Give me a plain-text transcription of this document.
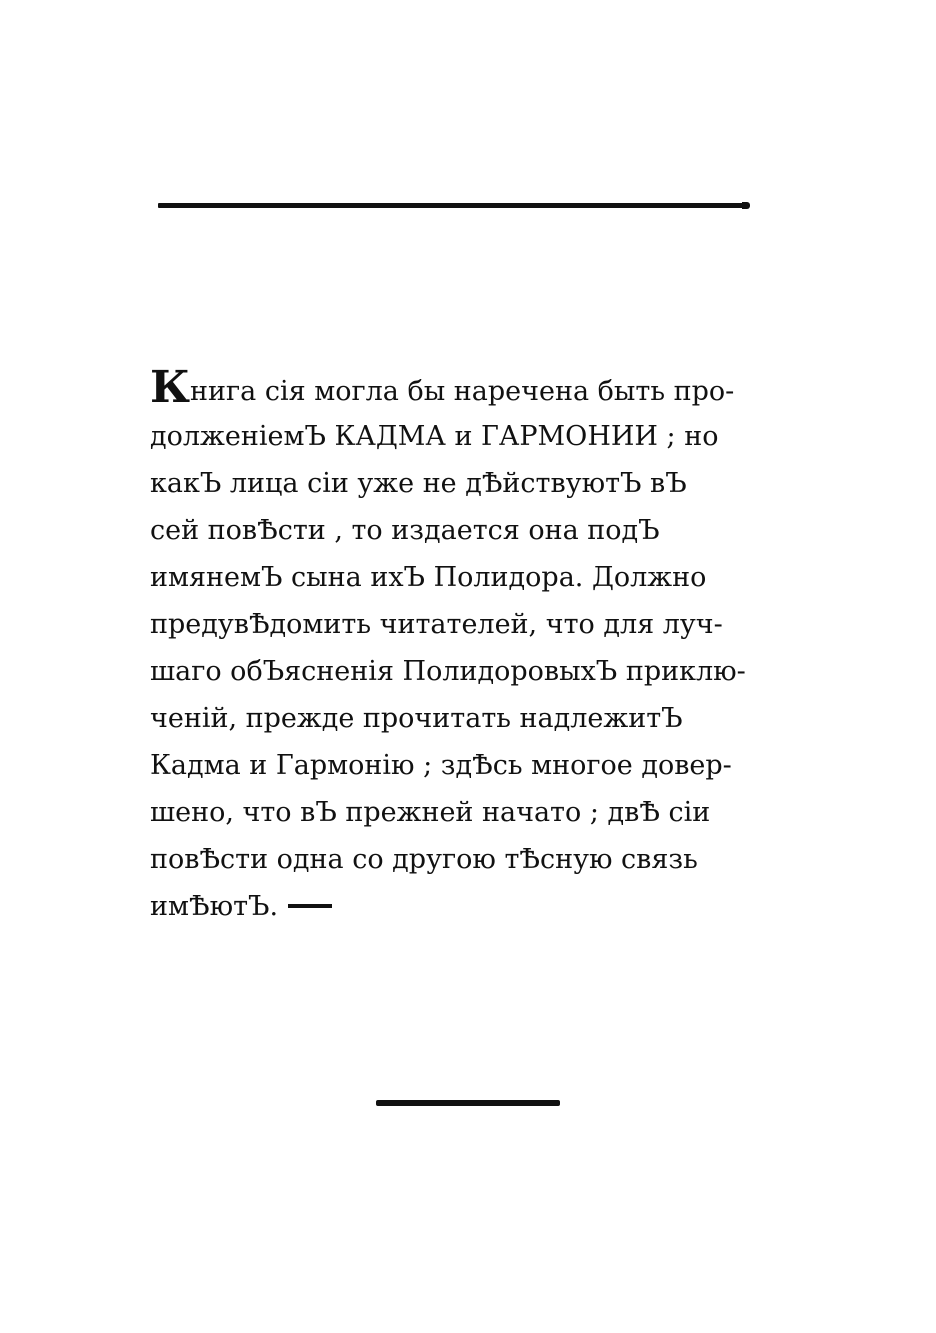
Книга сія могла бы наречена быть про-
долженіемЪ КАДМА и ГАРМОНИИ ; но
какЪ лица сіи уже не дѢйствуютЪ вЪ
сей повѢсти , то издается она подЪ
имянемЪ сына ихЪ Полидора. Должно
предувѢдомить читателей, что для луч-
шаго обЪясненія ПолидоровыхЪ приклю-
ченій, прежде прочитать надлежитЪ
Кадма и Гармонію ; здѢсь многое довер-
шено, что вЪ прежней начато ; двѢ сіи
повѢсти одна со другою тѢсную связь
имѢютЪ.
